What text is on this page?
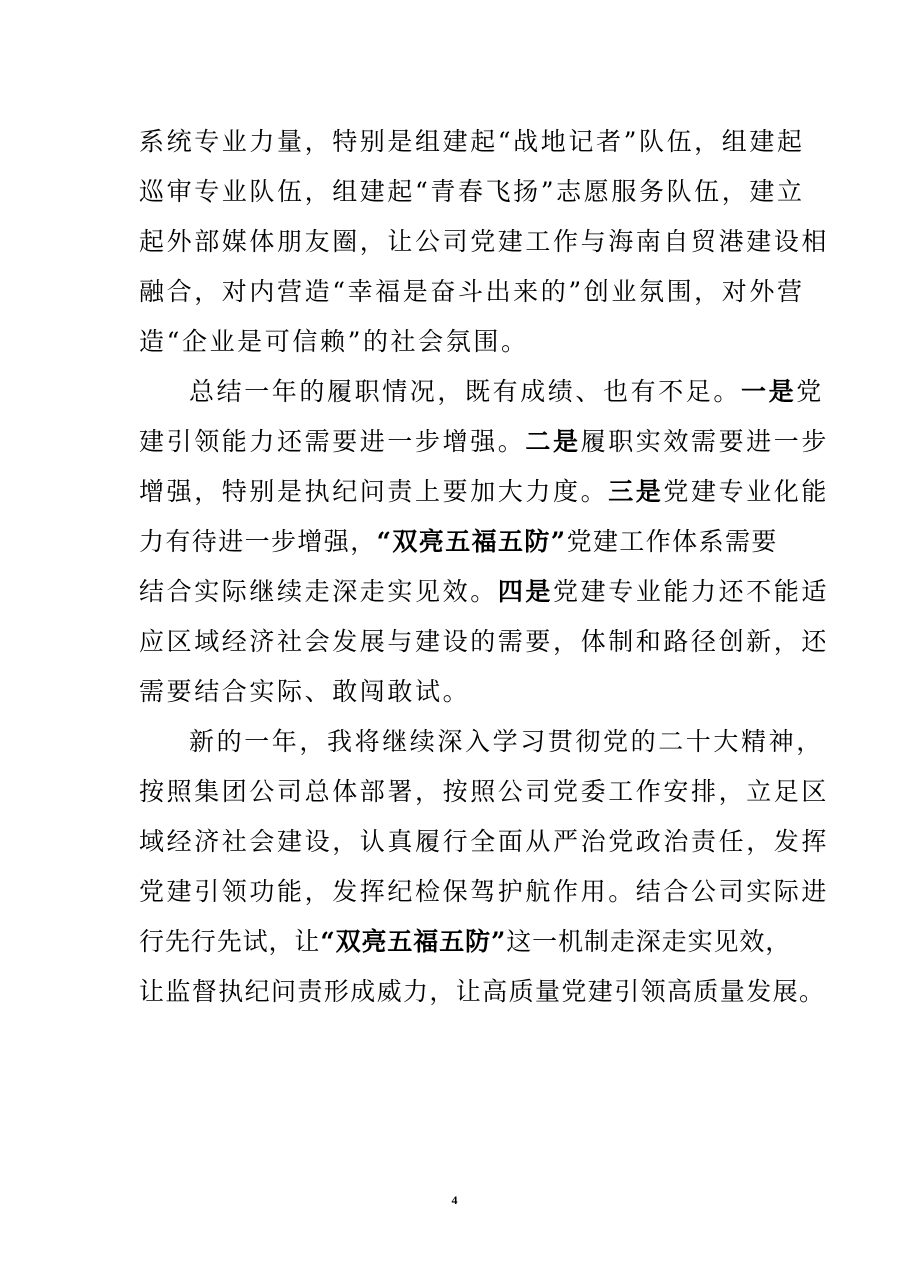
系统专业力量，特别是组建起“战地记者”队伍，组建起
巡审专业队伍，组建起“青春飞扬”志愿服务队伍，建立
起外部媒体朋友圈，让公司党建工作与海南自贸港建设相
融合，对内营造“幸福是奋斗出来的”创业氛围，对外营
造“企业是可信赖”的社会氛围。
总结一年的履职情况，既有成绩、也有不足。一是党
建引领能力还需要进一步增强。二是履职实效需要进一步
增强，特别是执纪问责上要加大力度。三是党建专业化能
力有待进一步增强，“双亮五福五防”党建工作体系需要
结合实际继续走深走实见效。四是党建专业能力还不能适
应区域经济社会发展与建设的需要，体制和路径创新，还
需要结合实际、敢闯敢试。
新的一年，我将继续深入学习贯彻党的二十大精神，
按照集团公司总体部署，按照公司党委工作安排，立足区
域经济社会建设，认真履行全面从严治党政治责任，发挥
党建引领功能，发挥纪检保驾护航作用。结合公司实际进
行先行先试，让“双亮五福五防”这一机制走深走实见效，
让监督执纪问责形成威力，让高质量党建引领高质量发展。
4
